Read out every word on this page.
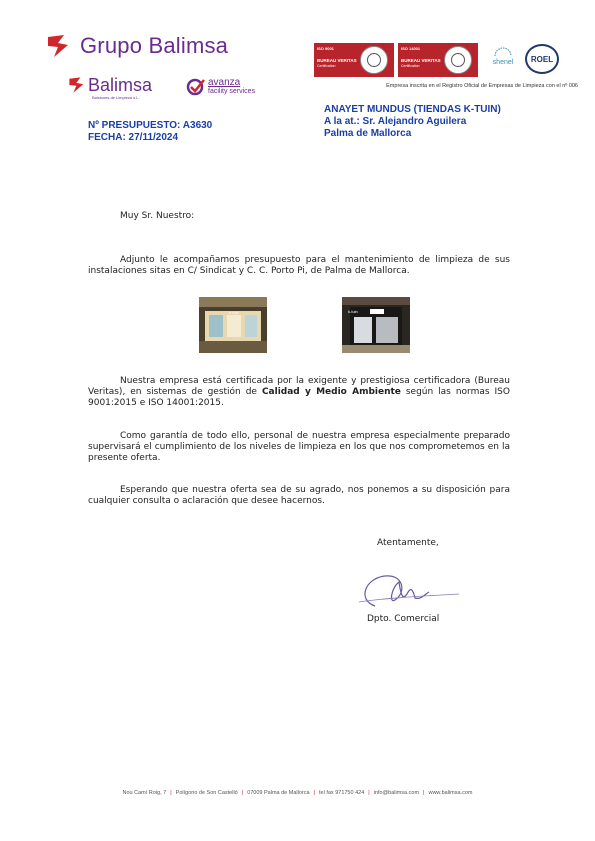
Grupo Balimsa
Balimsa
Balsiones de Limpieza s.L.
avanza
facility services
ISO 9001
BUREAU VERITAS
Certification
ISO 14001
BUREAU VERITAS
Certification	shenel	ROEL
Empresa inscrita en el Registro Oficial de Empresas de Limpieza con el nº 006
ANAYET MUNDUS (TIENDAS K-TUIN)
A la at.: Sr. Alejandro Aguilera
Palma de Mallorca
Nº PRESUPUESTO: A3630
FECHA: 27/11/2024
Muy Sr. Nuestro:

Adjunto le acompañamos presupuesto para el mantenimiento de limpieza de sus instalaciones sitas en C/ Sindicat y C. C. Porto Pi, de Palma de Mallorca.

k-tuin	k-tuin

Nuestra empresa está certificada por la exigente y prestigiosa certificadora (Bureau Veritas), en sistemas de gestión de Calidad y Medio Ambiente según las normas ISO 9001:2015 e ISO 14001:2015.

Como garantía de todo ello, personal de nuestra empresa especialmente preparado supervisará el cumplimiento de los niveles de limpieza en los que nos comprometemos en la presente oferta.

Esperando que nuestra oferta sea de su agrado, nos ponemos a su disposición para cualquier consulta o aclaración que desee hacernos.

Atentamente,
Dpto. Comercial
Nou Camí Roig, 7 | Polígono de Son Castelló | 07009 Palma de Mallorca | tel fax 971750 424 | info@balimsa.com | www.balimsa.com
